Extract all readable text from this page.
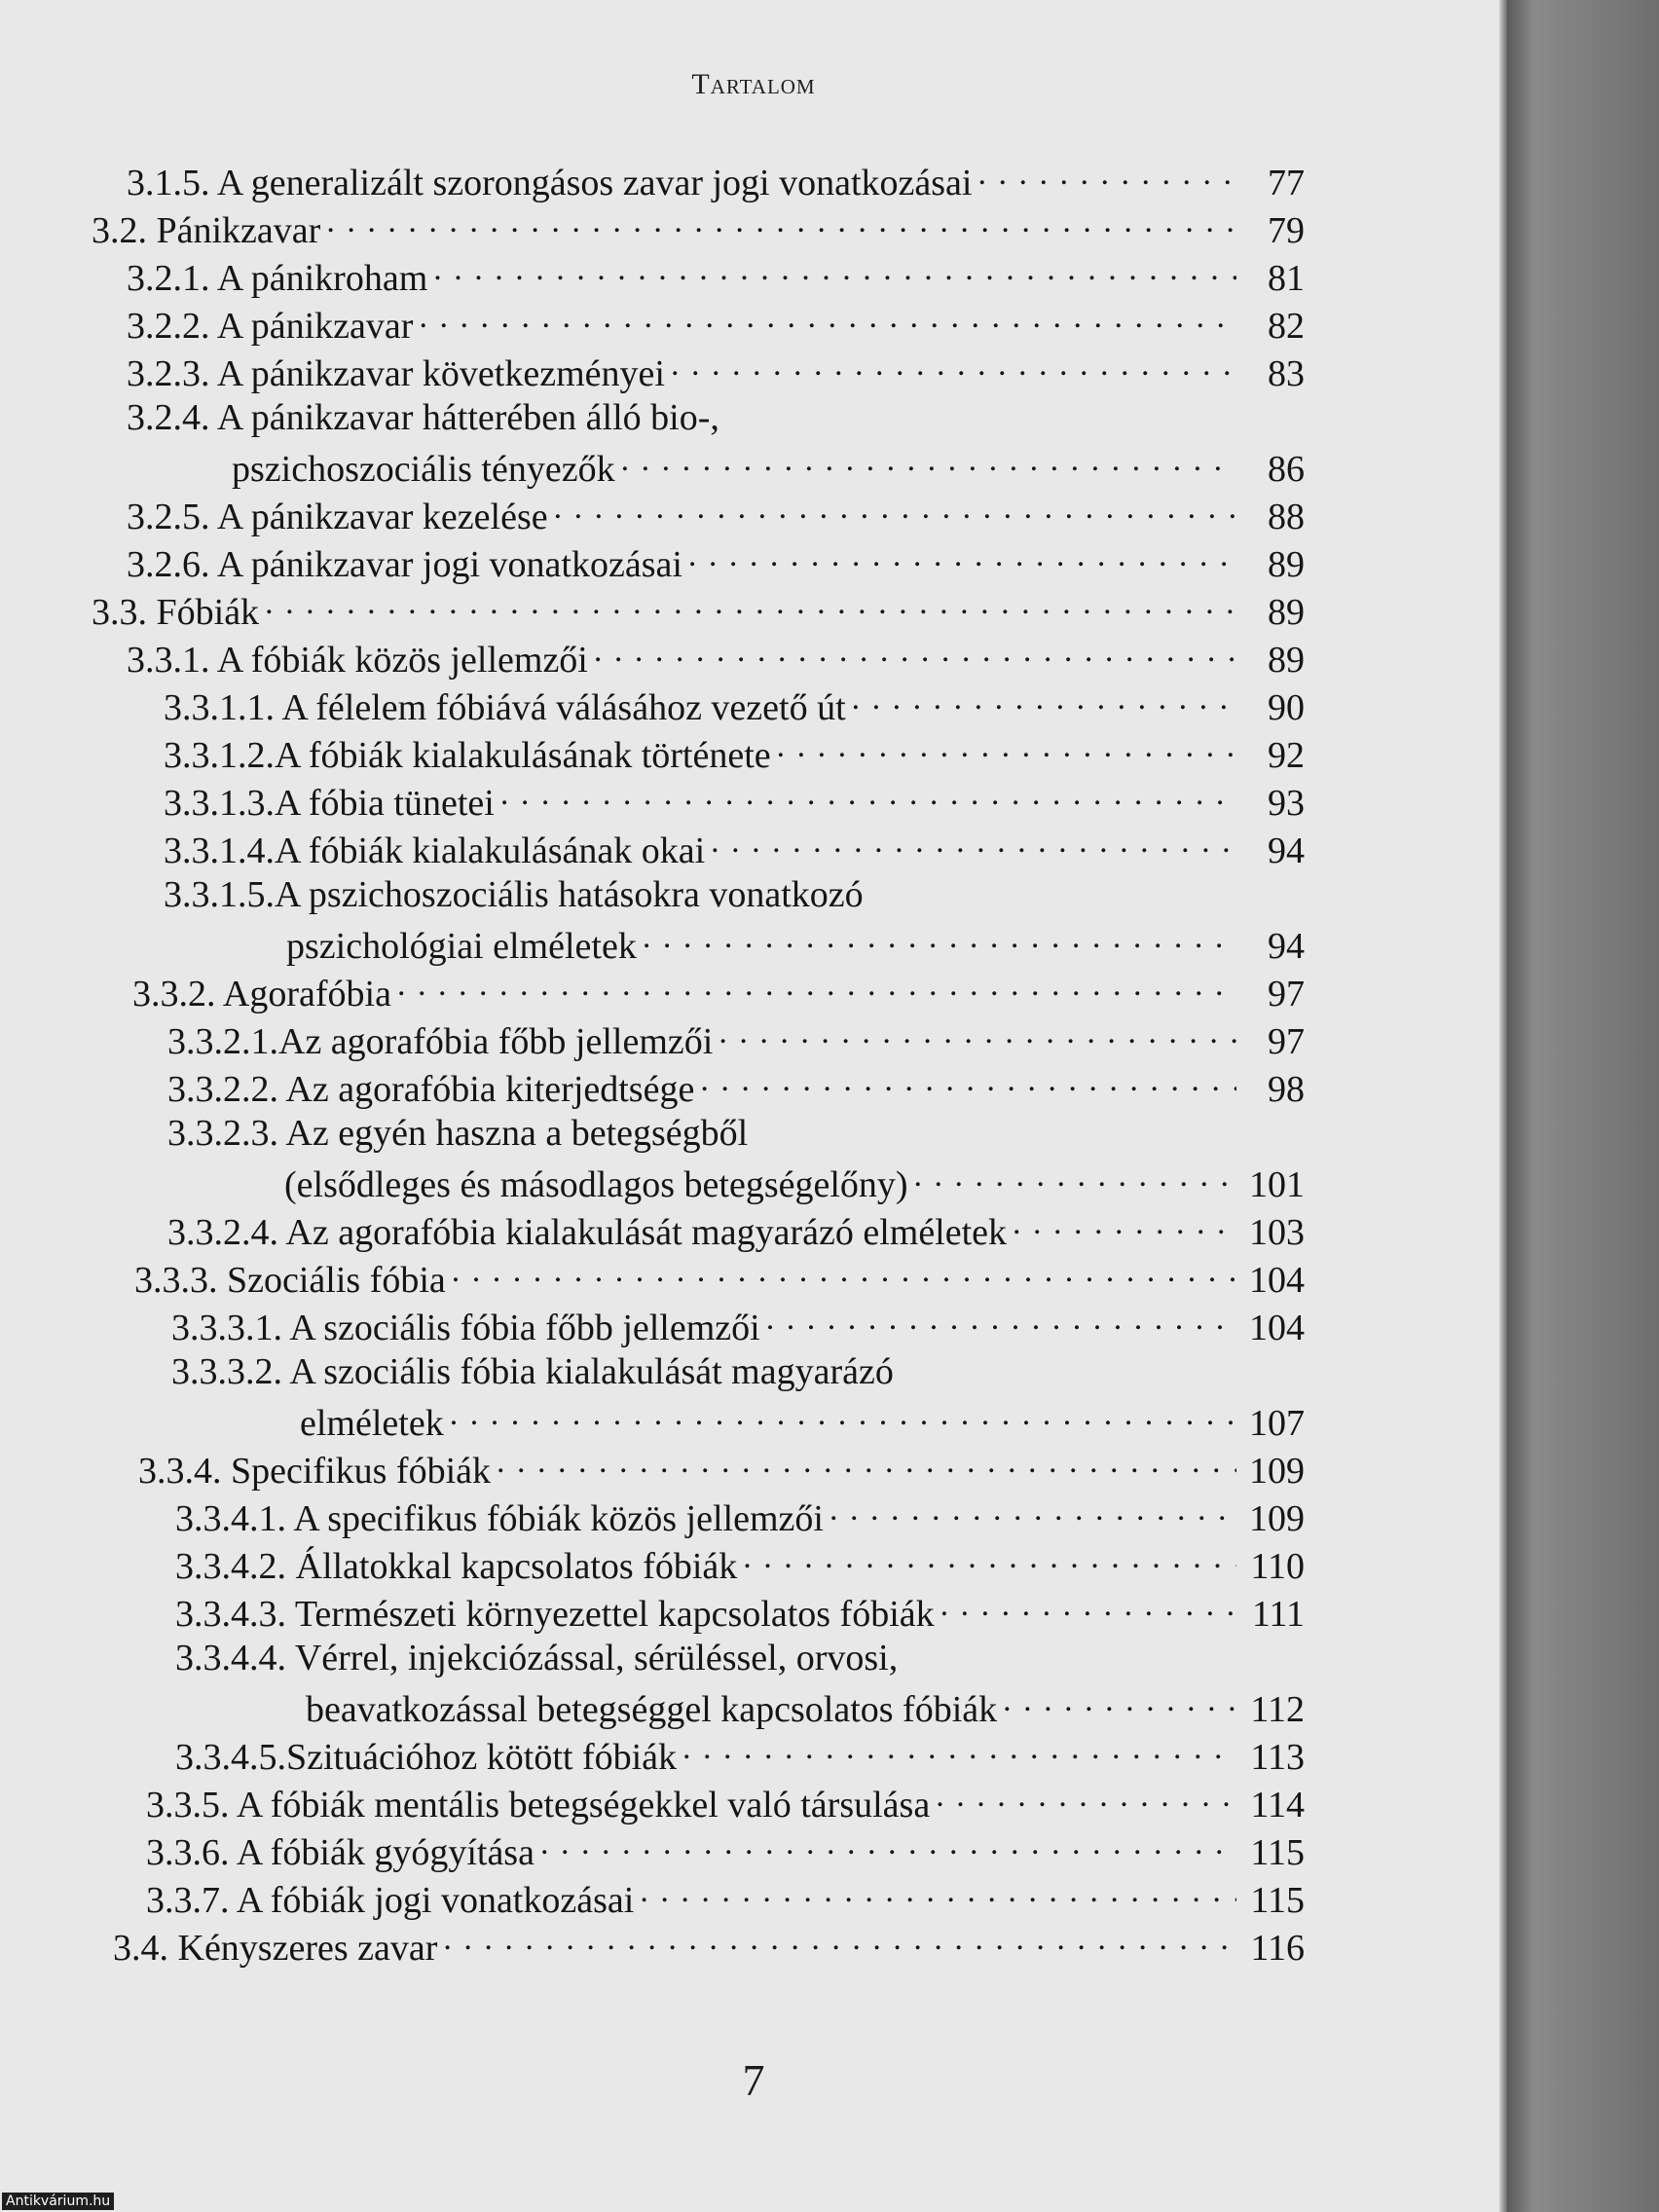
Tartalom
3.1.5. A generalizált szorongásos zavar jogi vonatkozásai . . .	77
3.2. Pánikzavar . . .	79
3.2.1. A pánikroham . . .	81
3.2.2. A pánikzavar . . .	82
3.2.3. A pánikzavar következményei . . .	83
3.2.4. A pánikzavar hátterében álló bio-,
pszichoszociális tényezők . . .	86
3.2.5. A pánikzavar kezelése . . .	88
3.2.6. A pánikzavar jogi vonatkozásai . . .	89
3.3. Fóbiák . . .	89
3.3.1. A fóbiák közös jellemzői . . .	89
3.3.1.1. A félelem fóbiává válásához vezető út . . .	90
3.3.1.2.A fóbiák kialakulásának története . . .	92
3.3.1.3.A fóbia tünetei . . .	93
3.3.1.4.A fóbiák kialakulásának okai . . .	94
3.3.1.5.A pszichoszociális hatásokra vonatkozó
pszichológiai elméletek . . .	94
3.3.2. Agorafóbia . . .	97
3.3.2.1.Az agorafóbia főbb jellemzői . . .	97
3.3.2.2. Az agorafóbia kiterjedtsége . . .	98
3.3.2.3. Az egyén haszna a betegségből
(elsődleges és másodlagos betegségelőny) . . .	101
3.3.2.4. Az agorafóbia kialakulását magyarázó elméletek . . .	103
3.3.3. Szociális fóbia . . .	104
3.3.3.1. A szociális fóbia főbb jellemzői . . .	104
3.3.3.2. A szociális fóbia kialakulását magyarázó
elméletek . . .	107
3.3.4. Specifikus fóbiák . . .	109
3.3.4.1. A specifikus fóbiák közös jellemzői . . .	109
3.3.4.2. Állatokkal kapcsolatos fóbiák . . .	110
3.3.4.3. Természeti környezettel kapcsolatos fóbiák . . .	111
3.3.4.4. Vérrel, injekciózással, sérüléssel, orvosi,
beavatkozással betegséggel kapcsolatos fóbiák . . .	112
3.3.4.5.Szituációhoz kötött fóbiák . . .	113
3.3.5. A fóbiák mentális betegségekkel való társulása . . .	114
3.3.6. A fóbiák gyógyítása . . .	115
3.3.7. A fóbiák jogi vonatkozásai . . .	115
3.4. Kényszeres zavar . . .	116
7
Antikvárium.hu
